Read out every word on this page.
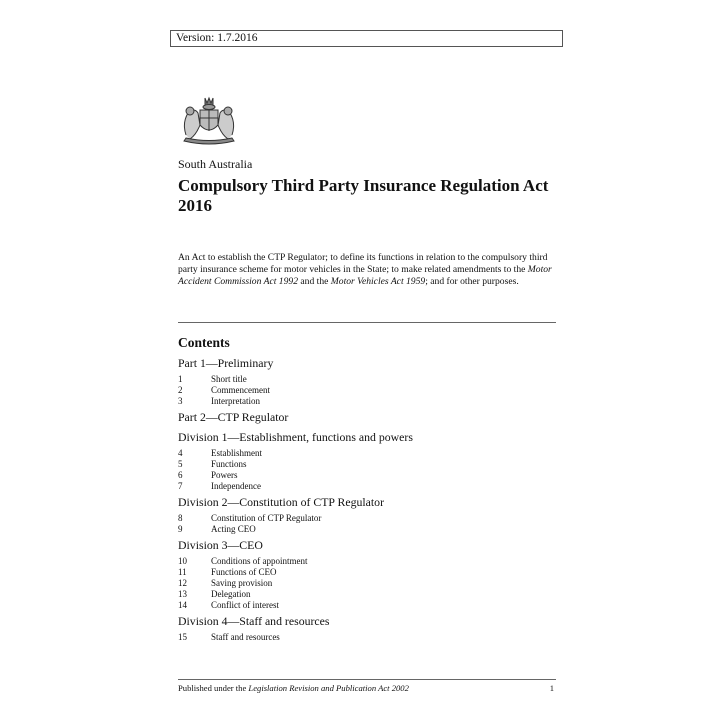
Version: 1.7.2016
South Australia
Compulsory Third Party Insurance Regulation Act 2016
An Act to establish the CTP Regulator; to define its functions in relation to the compulsory third party insurance scheme for motor vehicles in the State; to make related amendments to the Motor Accident Commission Act 1992 and the Motor Vehicles Act 1959; and for other purposes.
Contents
Part 1—Preliminary
1	Short title
2	Commencement
3	Interpretation
Part 2—CTP Regulator
Division 1—Establishment, functions and powers
4	Establishment
5	Functions
6	Powers
7	Independence
Division 2—Constitution of CTP Regulator
8	Constitution of CTP Regulator
9	Acting CEO
Division 3—CEO
10	Conditions of appointment
11	Functions of CEO
12	Saving provision
13	Delegation
14	Conflict of interest
Division 4—Staff and resources
15	Staff and resources
Published under the Legislation Revision and Publication Act 2002	1
